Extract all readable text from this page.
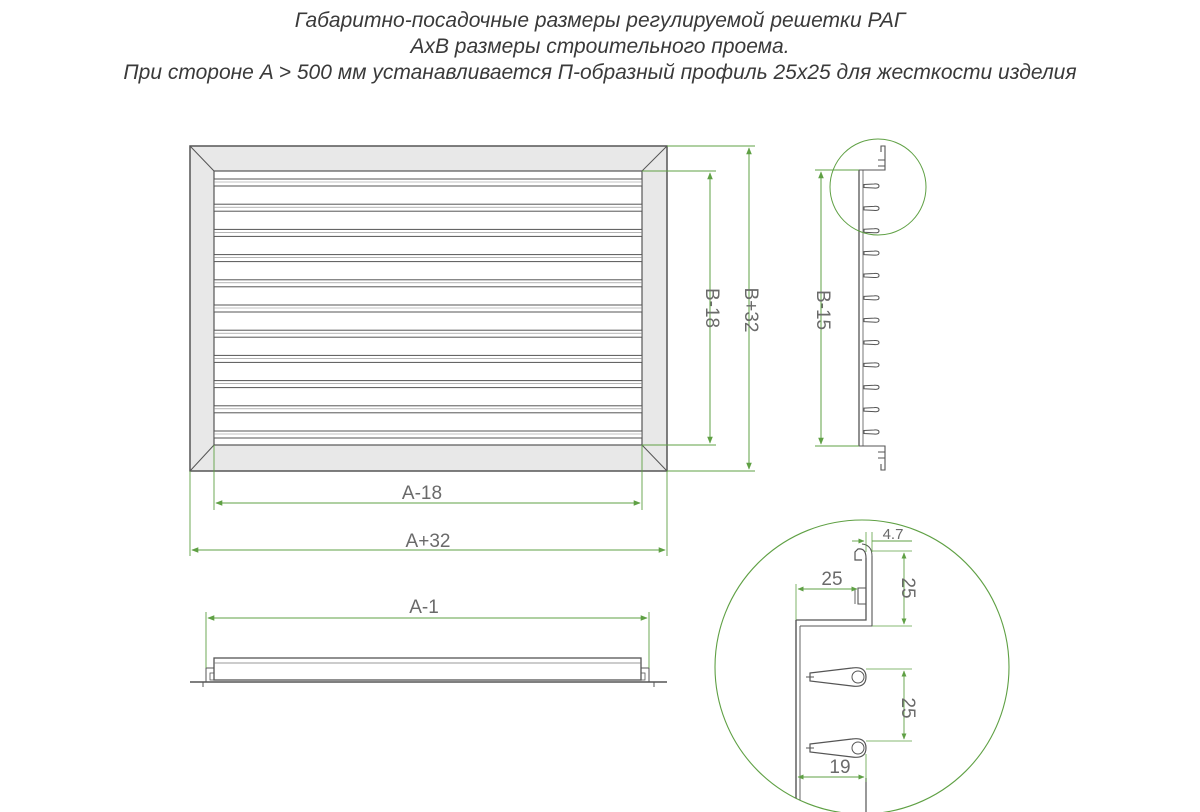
Габаритно-посадочные размеры регулируемой решетки РАГ
AxB размеры строительного проема.
При стороне A > 500 мм устанавливается П-образный профиль 25x25 для жесткости изделия
B-18 B+32
A-18
A+32
A-1
B-15
4.7
25	25
25
19
